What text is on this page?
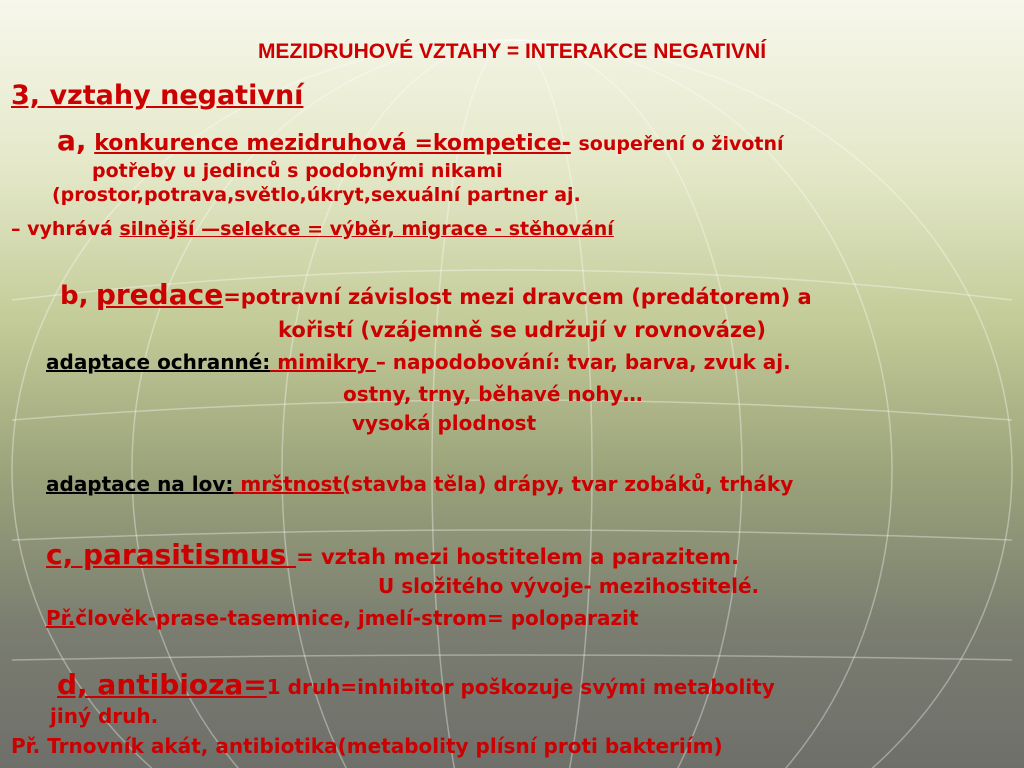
MEZIDRUHOVÉ VZTAHY = INTERAKCE NEGATIVNÍ
3, vztahy negativní
a, konkurence mezidruhová =kompetice- soupeření o životní
potřeby u jedinců s podobnými nikami
(prostor,potrava,světlo,úkryt,sexuální partner aj.
– vyhrává silnější —selekce = výběr, migrace - stěhování
b, predace=potravní závislost mezi dravcem (predátorem) a
kořistí (vzájemně se udržují v rovnováze)
adaptace ochranné: mimikry – napodobování: tvar, barva, zvuk aj.
ostny, trny, běhavé nohy…
vysoká plodnost
adaptace na lov: mrštnost(stavba těla) drápy, tvar zobáků, trháky
c, parasitismus = vztah mezi hostitelem a parazitem.
U složitého vývoje- mezihostitelé.
Př.člověk-prase-tasemnice, jmelí-strom= poloparazit
d, antibioza=1 druh=inhibitor poškozuje svými metabolity
jiný druh.
Př. Trnovník akát, antibiotika(metabolity plísní proti bakteriím)
